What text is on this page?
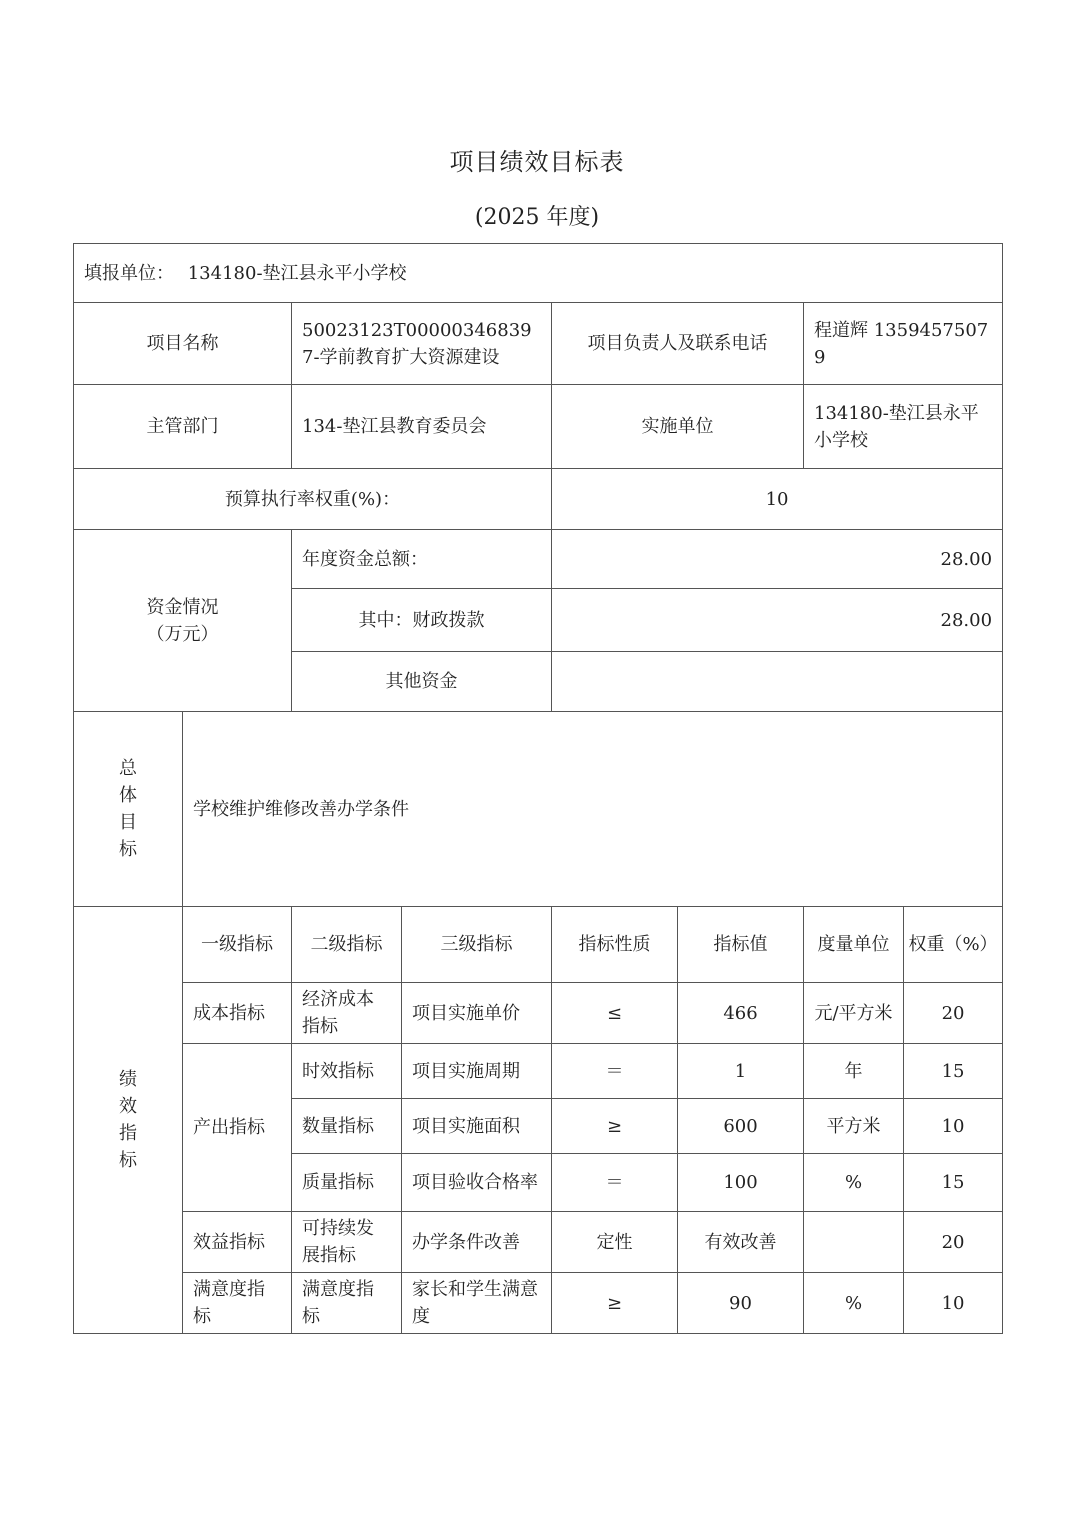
项目绩效目标表
(2025 年度)
填报单位： 134180-垫江县永平小学校							
项目名称		50023123T000003468397-学前教育扩大资源建设		项目负责人及联系电话		程道辉 13594575079	
主管部门		134-垫江县教育委员会		实施单位		134180-垫江县永平小学校	
预算执行率权重(%)：				10			

资金情况
（万元）		年度资金总额：		28.00			
		其中：财政拨款		28.00			
		其他资金					

总
体
目
标	学校维护维修改善办学条件						

绩
效
指
标	一级指标	二级指标	三级指标	指标性质	指标值	度量单位	权重（%）
	成本指标	经济成本指标	项目实施单价	≤	466	元/平方米	20
	产出指标	时效指标	项目实施周期	＝	1	年	15
		数量指标	项目实施面积	≥	600	平方米	10
		质量指标	项目验收合格率	＝	100	%	15
	效益指标	可持续发展指标	办学条件改善	定性	有效改善		20
	满意度指标	满意度指标	家长和学生满意度	≥	90	%	10
